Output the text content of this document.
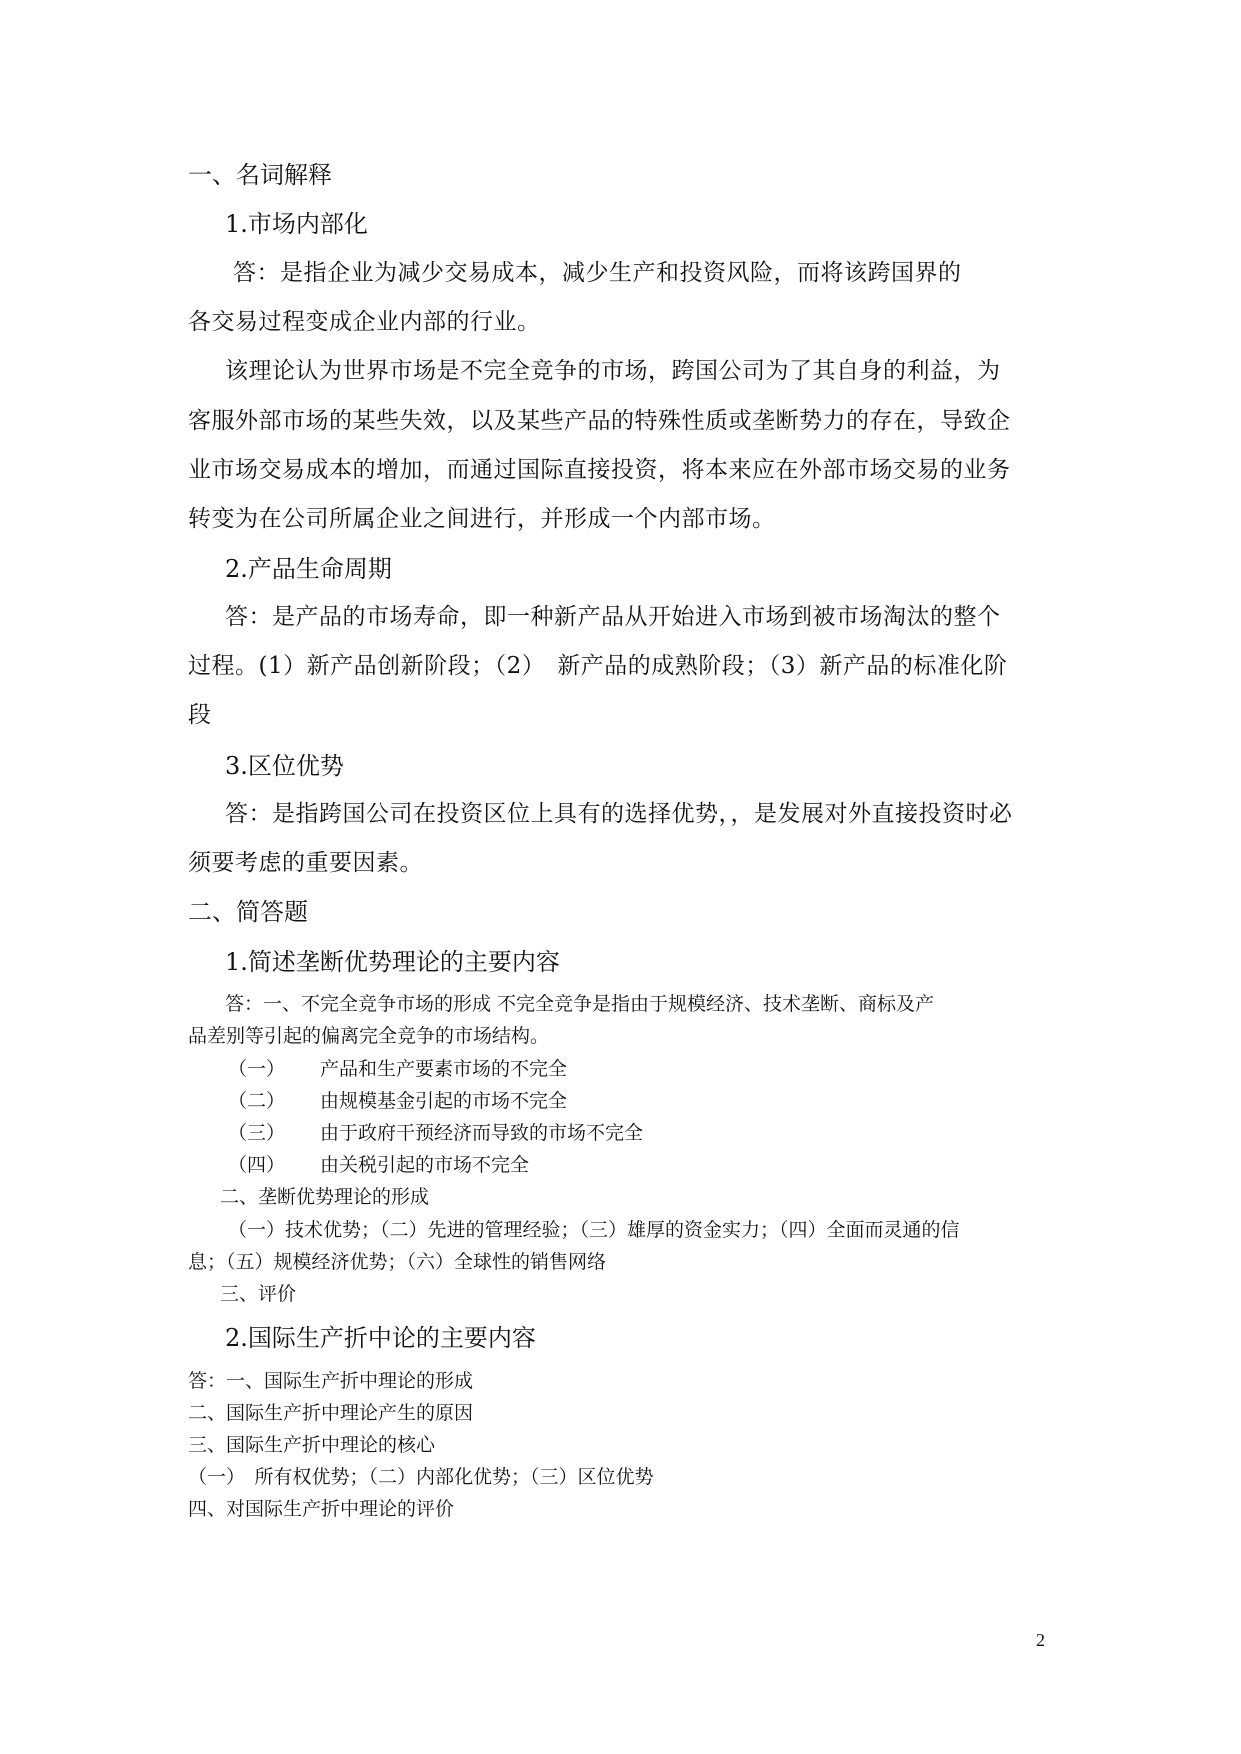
一、名词解释
1.市场内部化
答：是指企业为减少交易成本，减少生产和投资风险，而将该跨国界的
各交易过程变成企业内部的行业。
该理论认为世界市场是不完全竞争的市场，跨国公司为了其自身的利益，为
客服外部市场的某些失效，以及某些产品的特殊性质或垄断势力的存在，导致企
业市场交易成本的增加，而通过国际直接投资，将本来应在外部市场交易的业务
转变为在公司所属企业之间进行，并形成一个内部市场。
2.产品生命周期
答：是产品的市场寿命，即一种新产品从开始进入市场到被市场淘汰的整个
过程。(1）新产品创新阶段；（2）　新产品的成熟阶段；（3）新产品的标准化阶
段
3.区位优势
答：是指跨国公司在投资区位上具有的选择优势，，是发展对外直接投资时必
须要考虑的重要因素。
二、简答题
1.简述垄断优势理论的主要内容
答：一、不完全竞争市场的形成 不完全竞争是指由于规模经济、技术垄断、商标及产
品差别等引起的偏离完全竞争的市场结构。
（一） 产品和生产要素市场的不完全
（二） 由规模基金引起的市场不完全
（三） 由于政府干预经济而导致的市场不完全
（四） 由关税引起的市场不完全
二、垄断优势理论的形成
（一）技术优势；（二）先进的管理经验；（三）雄厚的资金实力；（四）全面而灵通的信
息；（五）规模经济优势；（六）全球性的销售网络
三、评价
2.国际生产折中论的主要内容
答：一、国际生产折中理论的形成
二、国际生产折中理论产生的原因
三、国际生产折中理论的核心
（一）　所有权优势；（二）内部化优势；（三）区位优势
四、对国际生产折中理论的评价
2
